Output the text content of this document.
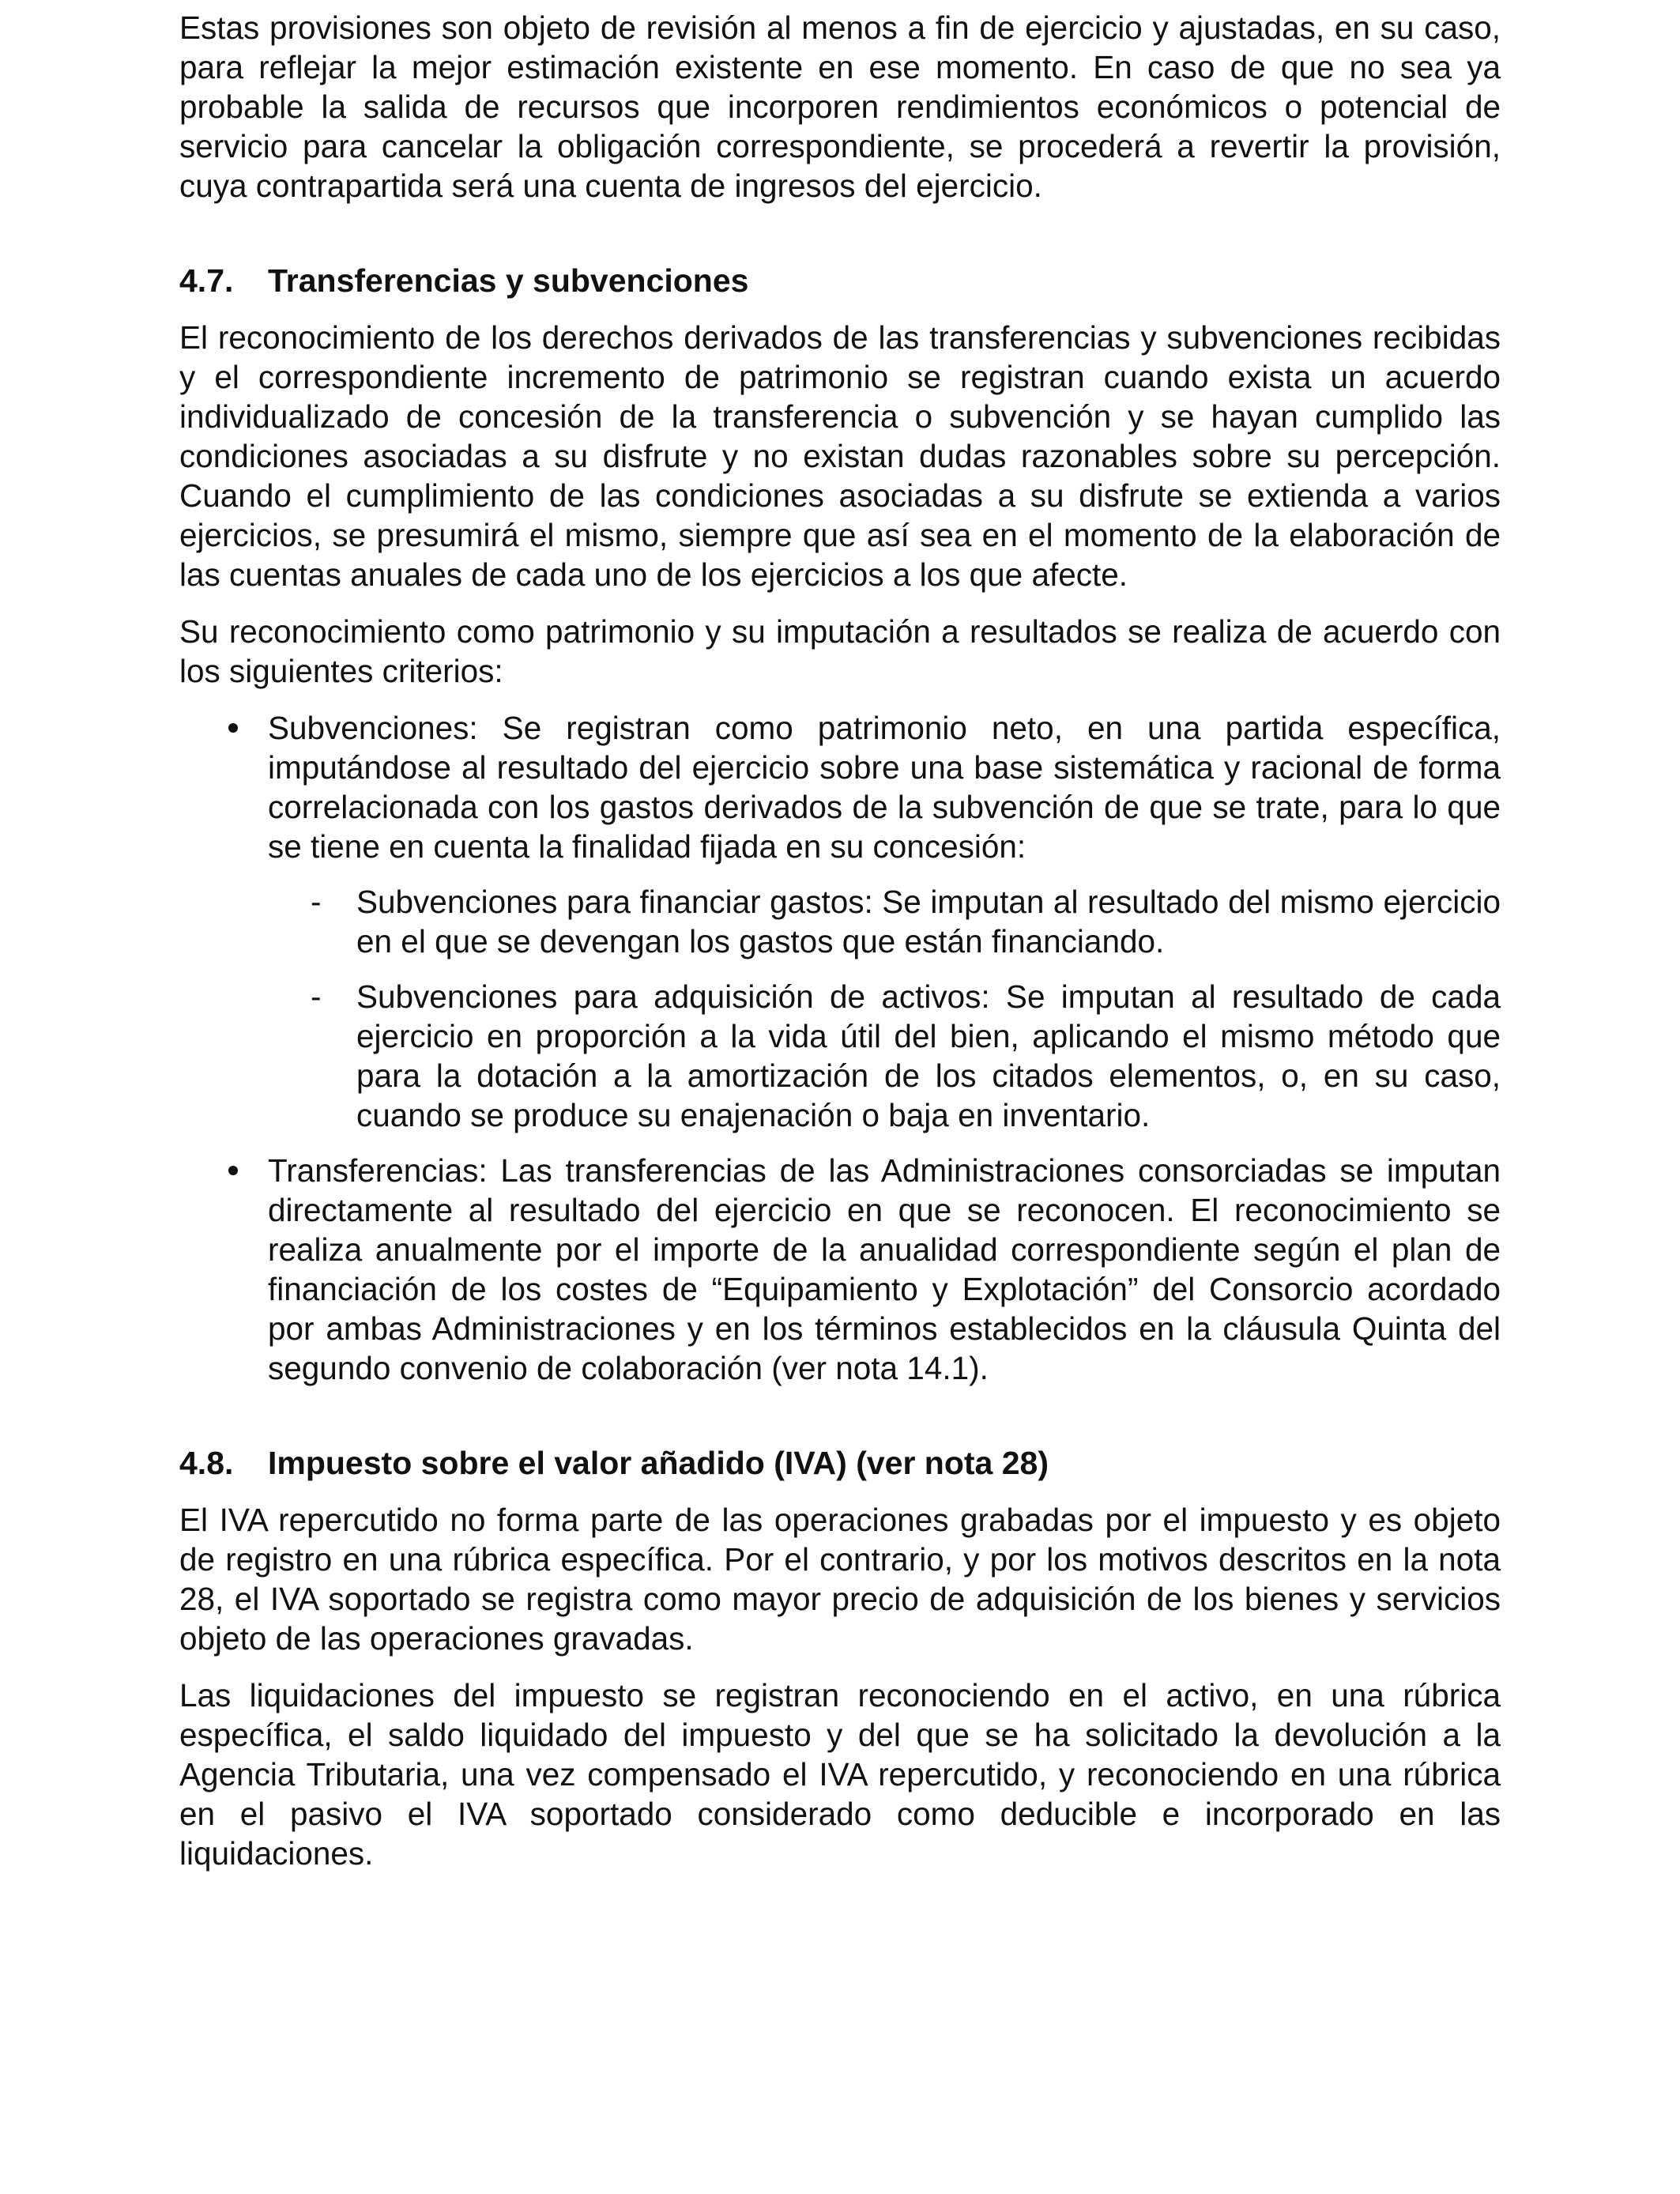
Estas provisiones son objeto de revisión al menos a fin de ejercicio y ajustadas, en su caso, para reflejar la mejor estimación existente en ese momento. En caso de que no sea ya probable la salida de recursos que incorporen rendimientos económicos o potencial de servicio para cancelar la obligación correspondiente, se procederá a revertir la provisión, cuya contrapartida será una cuenta de ingresos del ejercicio.

4.7.	Transferencias y subvenciones

El reconocimiento de los derechos derivados de las transferencias y subvenciones recibidas y el correspondiente incremento de patrimonio se registran cuando exista un acuerdo individualizado de concesión de la transferencia o subvención y se hayan cumplido las condiciones asociadas a su disfrute y no existan dudas razonables sobre su percepción. Cuando el cumplimiento de las condiciones asociadas a su disfrute se extienda a varios ejercicios, se presumirá el mismo, siempre que así sea en el momento de la elaboración de las cuentas anuales de cada uno de los ejercicios a los que afecte.

Su reconocimiento como patrimonio y su imputación a resultados se realiza de acuerdo con los siguientes criterios:

Subvenciones: Se registran como patrimonio neto, en una partida específica, imputándose al resultado del ejercicio sobre una base sistemática y racional de forma correlacionada con los gastos derivados de la subvención de que se trate, para lo que se tiene en cuenta la finalidad fijada en su concesión:
- Subvenciones para financiar gastos: Se imputan al resultado del mismo ejercicio en el que se devengan los gastos que están financiando.
- Subvenciones para adquisición de activos: Se imputan al resultado de cada ejercicio en proporción a la vida útil del bien, aplicando el mismo método que para la dotación a la amortización de los citados elementos, o, en su caso, cuando se produce su enajenación o baja en inventario.
Transferencias: Las transferencias de las Administraciones consorciadas se imputan directamente al resultado del ejercicio en que se reconocen. El reconocimiento se realiza anualmente por el importe de la anualidad correspondiente según el plan de financiación de los costes de “Equipamiento y Explotación” del Consorcio acordado por ambas Administraciones y en los términos establecidos en la cláusula Quinta del segundo convenio de colaboración (ver nota 14.1).
4.8.	Impuesto sobre el valor añadido (IVA) (ver nota 28)

El IVA repercutido no forma parte de las operaciones grabadas por el impuesto y es objeto de registro en una rúbrica específica. Por el contrario, y por los motivos descritos en la nota 28, el IVA soportado se registra como mayor precio de adquisición de los bienes y servicios objeto de las operaciones gravadas.

Las liquidaciones del impuesto se registran reconociendo en el activo, en una rúbrica específica, el saldo liquidado del impuesto y del que se ha solicitado la devolución a la Agencia Tributaria, una vez compensado el IVA repercutido, y reconociendo en una rúbrica en el pasivo el IVA soportado considerado como deducible e incorporado en las liquidaciones.
